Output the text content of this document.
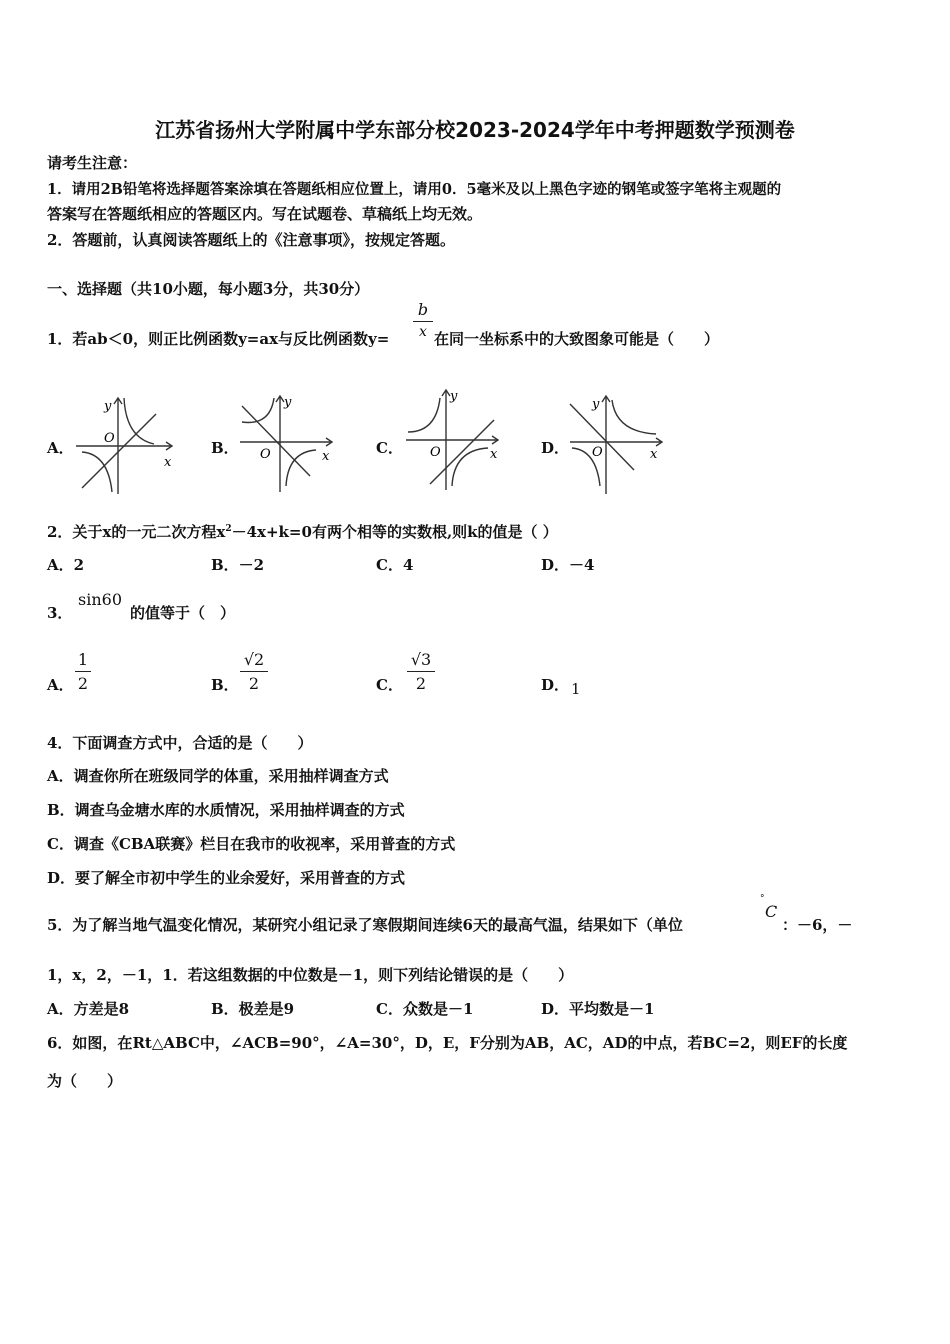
江苏省扬州大学附属中学东部分校2023-2024学年中考押题数学预测卷
请考生注意：
1．请用2B铅笔将选择题答案涂填在答题纸相应位置上，请用0．5毫米及以上黑色字迹的钢笔或签字笔将主观题的
答案写在答题纸相应的答题区内。写在试题卷、草稿纸上均无效。
2．答题前，认真阅读答题纸上的《注意事项》，按规定答题。
一、选择题（共10小题，每小题3分，共30分）
1．若ab＜0，则正比例函数y=ax与反比例函数y=
b
x 在同一坐标系中的大致图象可能是（　　）
A．	B．	C．	D．
y
x
O
y
x
O
y
x
O
y
x
O
2．关于x的一元二次方程$x^2-4x+k=0$有两个相等的实数根,则k的值是（ ）
A．2	B．－2	C．4	D．－4
3．
sin60
的值等于（　）
A．
1
2	B．
√2
2	C．
√3
2	D． 1
4．下面调查方式中，合适的是（　　）
A．调查你所在班级同学的体重，采用抽样调查方式
B．调查乌金塘水库的水质情况，采用抽样调查的方式
C．调查《CBA联赛》栏目在我市的收视率，采用普查的方式
D．要了解全市初中学生的业余爱好，采用普查的方式
5．为了解当地气温变化情况，某研究小组记录了寒假期间连续6天的最高气温，结果如下（单位
°
C
：－6，－
1，x，2，－1，1．若这组数据的中位数是－1，则下列结论错误的是（　　）
A．方差是8	B．极差是9	C．众数是－1	D．平均数是－1
6．如图，在Rt△ABC中，∠ACB=90°，∠A=30°，D，E，F分别为AB，AC，AD的中点，若BC=2，则EF的长度
为（　　）
